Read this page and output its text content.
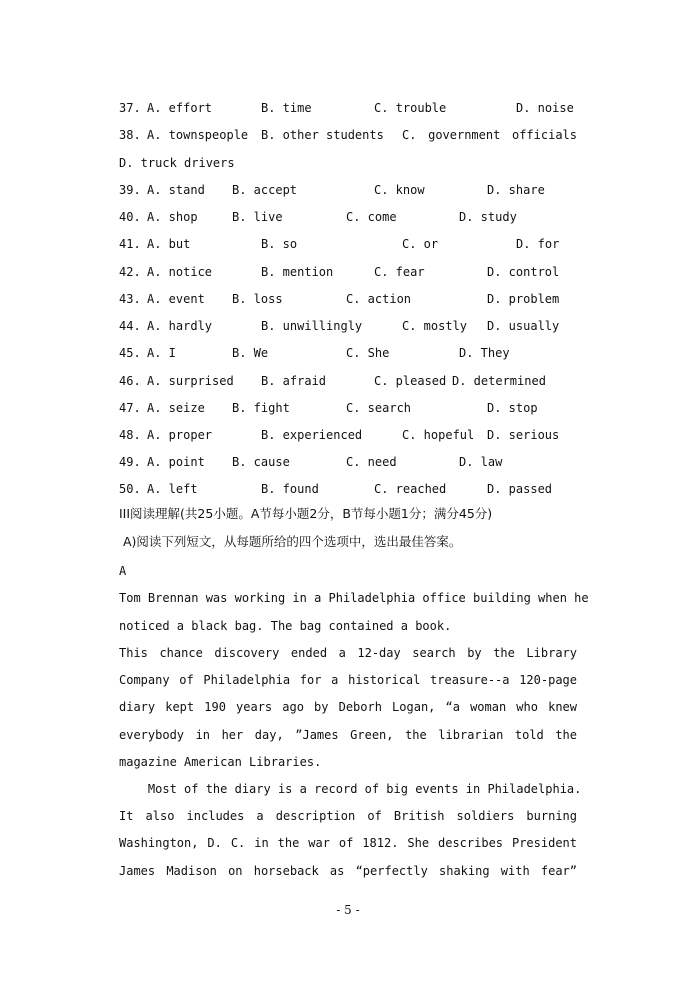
37. A. effort	B. time	C. trouble	D. noise
38. A. townspeople B. other students C. government officials
D. truck drivers
39. A. stand B. accept	C. know	D. share
40. A. shop	B. live	C. come	D. study
41. A. but	B. so	C. or	D. for
42. A. notice	B. mention	C. fear	D. control
43. A. event B. loss	C. action	D. problem
44. A. hardly	B. unwillingly	C. mostly D. usually
45. A. I	B. We	C. She	D. They
46. A. surprised B. afraid	C. pleased D. determined
47. A. seize B. fight	C. search	D. stop
48. A. proper	B. experienced	C. hopeful D. serious
49. A. point B. cause	C. need	D. law
50. A. left	B. found	C. reached	D. passed
III阅读理解(共25小题。A节每小题2分，B节每小题1分；满分45分)
A)阅读下列短文，从每题所给的四个选项中，选出最佳答案。
A
Tom Brennan was working in a Philadelphia office building when he
noticed a black bag. The bag contained a book.
This chance discovery ended a 12-day search by the Library
Company of Philadelphia for a historical treasure--a 120-page
diary kept 190 years ago by Deborh Logan, “a woman who knew
everybody in her day, ”James Green, the librarian told the
magazine American Libraries.
Most of the diary is a record of big events in Philadelphia.
It also includes a description of British soldiers burning
Washington, D. C. in the war of 1812. She describes President
James Madison on horseback as “perfectly shaking with fear”
- 5 -
